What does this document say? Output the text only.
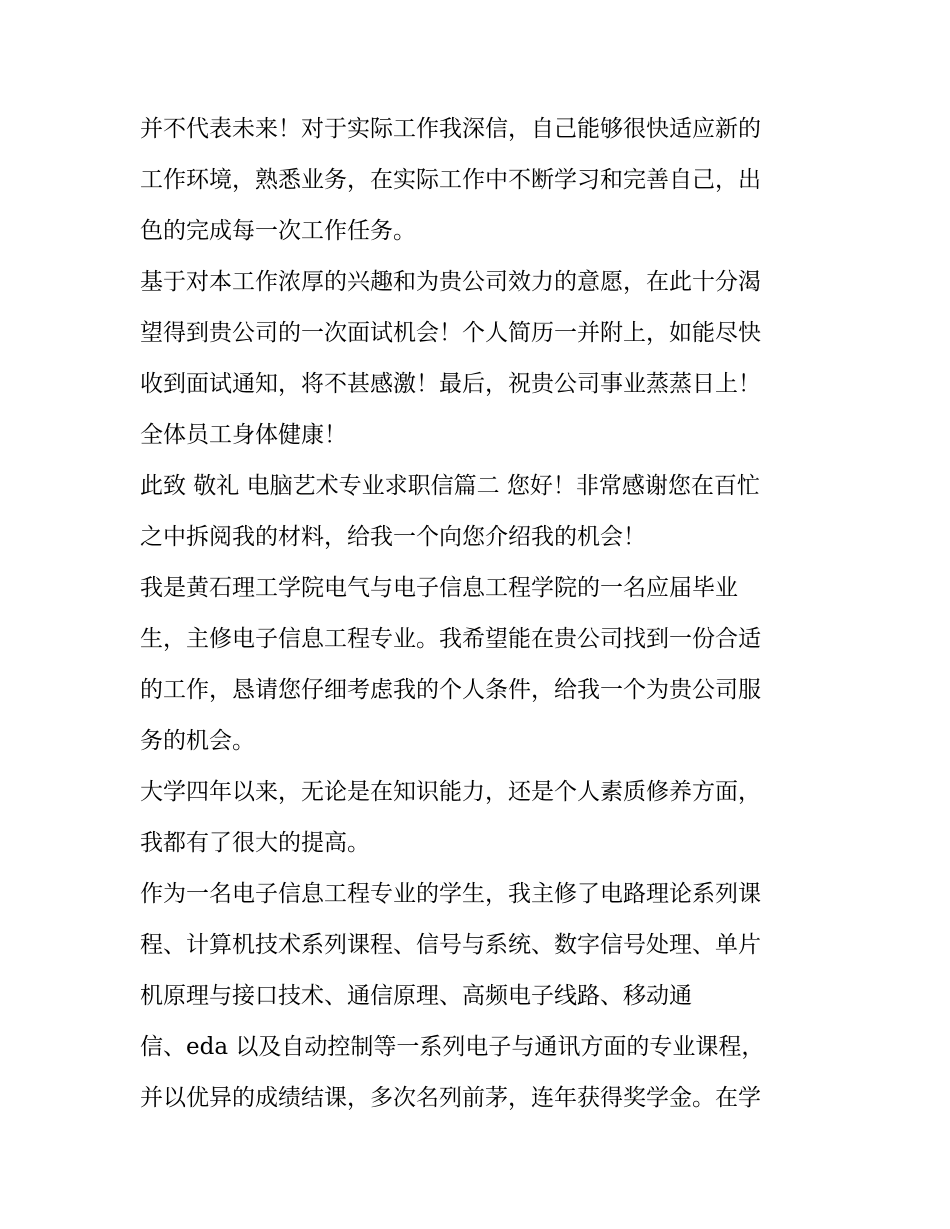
并不代表未来！对于实际工作我深信，自己能够很快适应新的
工作环境，熟悉业务，在实际工作中不断学习和完善自己，出
色的完成每一次工作任务。
基于对本工作浓厚的兴趣和为贵公司效力的意愿，在此十分渴
望得到贵公司的一次面试机会！个人简历一并附上，如能尽快
收到面试通知，将不甚感激！最后，祝贵公司事业蒸蒸日上！
全体员工身体健康！
此致 敬礼 电脑艺术专业求职信篇二 您好！非常感谢您在百忙
之中拆阅我的材料，给我一个向您介绍我的机会！
我是黄石理工学院电气与电子信息工程学院的一名应届毕业
生，主修电子信息工程专业。我希望能在贵公司找到一份合适
的工作，恳请您仔细考虑我的个人条件，给我一个为贵公司服
务的机会。
大学四年以来，无论是在知识能力，还是个人素质修养方面，
我都有了很大的提高。
作为一名电子信息工程专业的学生，我主修了电路理论系列课
程、计算机技术系列课程、信号与系统、数字信号处理、单片
机原理与接口技术、通信原理、高频电子线路、移动通
信、eda 以及自动控制等一系列电子与通讯方面的专业课程，
并以优异的成绩结课，多次名列前茅，连年获得奖学金。在学
